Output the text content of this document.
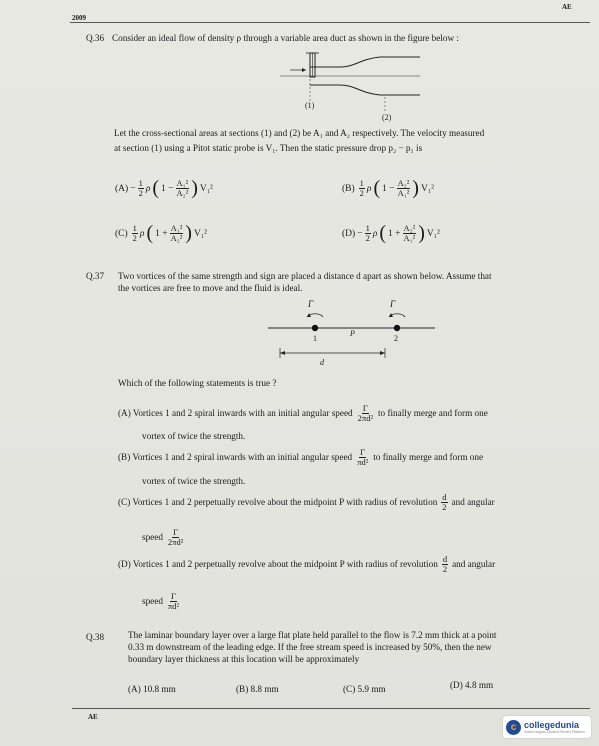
2009
AE
Q.36 Consider an ideal flow of density ρ through a variable area duct as shown in the figure below :
(1)
(2)
Let the cross-sectional areas at sections (1) and (2) be A₁ and A₂ respectively. The velocity measured
at section (1) using a Pitot static probe is V₁. Then the static pressure drop p₂ − p₁ is
$(A) - \frac{1}{2}$ ρ ( $1 - \frac{\text{A₁²}}{\text{A₂²}}$ ) V₁²	$(B) \frac{1}{2}$ ρ ( $1 - \frac{\text{A₂²}}{\text{A₁²}}$ ) V₁²
$(C) \frac{1}{2}$ ρ ( $1 + \frac{\text{A₁²}}{\text{A₂²}}$ ) V₁²	$(D) - \frac{1}{2}$ ρ ( $1 + \frac{\text{A₂²}}{\text{A₁²}}$ ) V₁²
Q.37 Two vortices of the same strength and sign are placed a distance d apart as shown below. Assume that
the vortices are free to move and the fluid is ideal.
Γ	Γ
1
P
2
d
Which of the following statements is true ?
(A) Vortices 1 and 2 spiral inwards with an initial angular speed $\frac{\Gamma}{\text{2πd²}}$ to finally merge and form one
vortex of twice the strength.
(B) Vortices 1 and 2 spiral inwards with an initial angular speed $\frac{\Gamma}{\text{πd²}}$ to finally merge and form one
vortex of twice the strength.
(C) Vortices 1 and 2 perpetually revolve about the midpoint P with radius of revolution $\frac{d}{2}$ and angular
speed $\frac{\Gamma}{\text{2πd²}}$
(D) Vortices 1 and 2 perpetually revolve about the midpoint P with radius of revolution $\frac{d}{2}$ and angular
speed $\frac{\Gamma}{\text{πd²}}$
Q.38	The laminar boundary layer over a large flat plate held parallel to the flow is 7.2 mm thick at a point
0.33 m downstream of the leading edge. If the free stream speed is increased by 50%, then the new
boundary layer thickness at this location will be approximately
(A) 10.8 mm	(B) 8.8 mm	(C) 5.9 mm	(D) 4.8 mm
AE
c collegedunia
India's largest Student Review Platform
